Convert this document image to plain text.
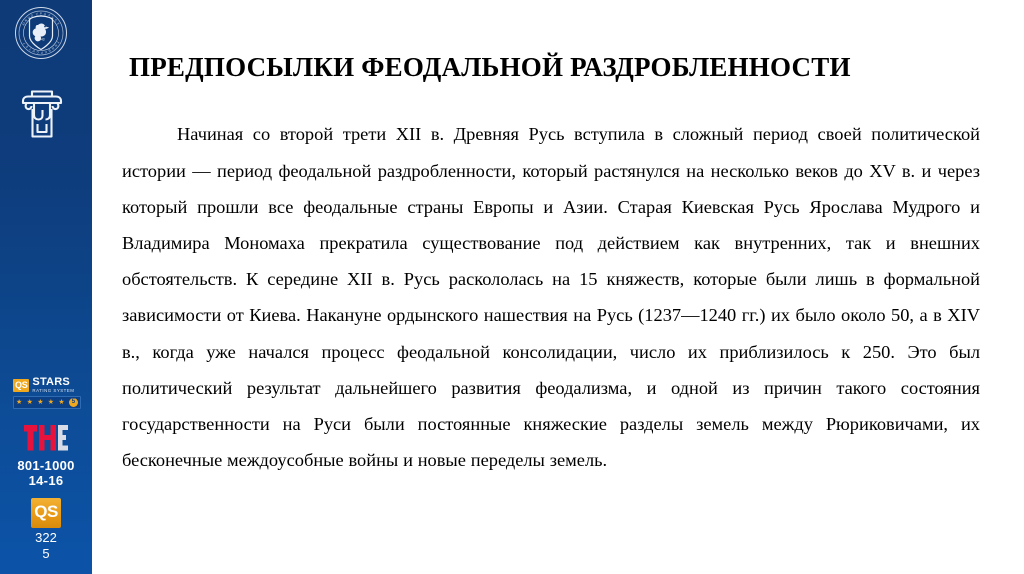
1943
Ю
Ж
Н
О У Р А Л
Ь
С
К
У
Н
И
В
Е
Р
С
И
Т
Е
Т
QS STARS
RATING SYSTEM
★ ★ ★ ★ ★	5
801-1000
14-16
QS
322
5
ПРЕДПОСЫЛКИ ФЕОДАЛЬНОЙ РАЗДРОБЛЕННОСТИ

Начиная со второй трети XII в. Древняя Русь вступила в сложный период своей политической истории — период феодальной раздробленности, который растянулся на несколько веков до XV в. и через который прошли все феодальные страны Европы и Азии. Старая Киевская Русь Ярослава Мудрого и Владимира Мономаха прекратила существование под действием как внутренних, так и внешних обстоятельств. К середине XII в. Русь раскололась на 15 княжеств, которые были лишь в формальной зависимости от Киева. Накануне ордынского нашествия на Русь (1237—1240 гг.) их было около 50, а в XIV в., когда уже начался процесс феодальной консолидации, число их приблизилось к 250. Это был политический результат дальнейшего развития феодализма, и одной из причин такого состояния государственности на Руси были постоянные княжеские разделы земель между Рюриковичами, их бесконечные междоусобные войны и новые переделы земель.
